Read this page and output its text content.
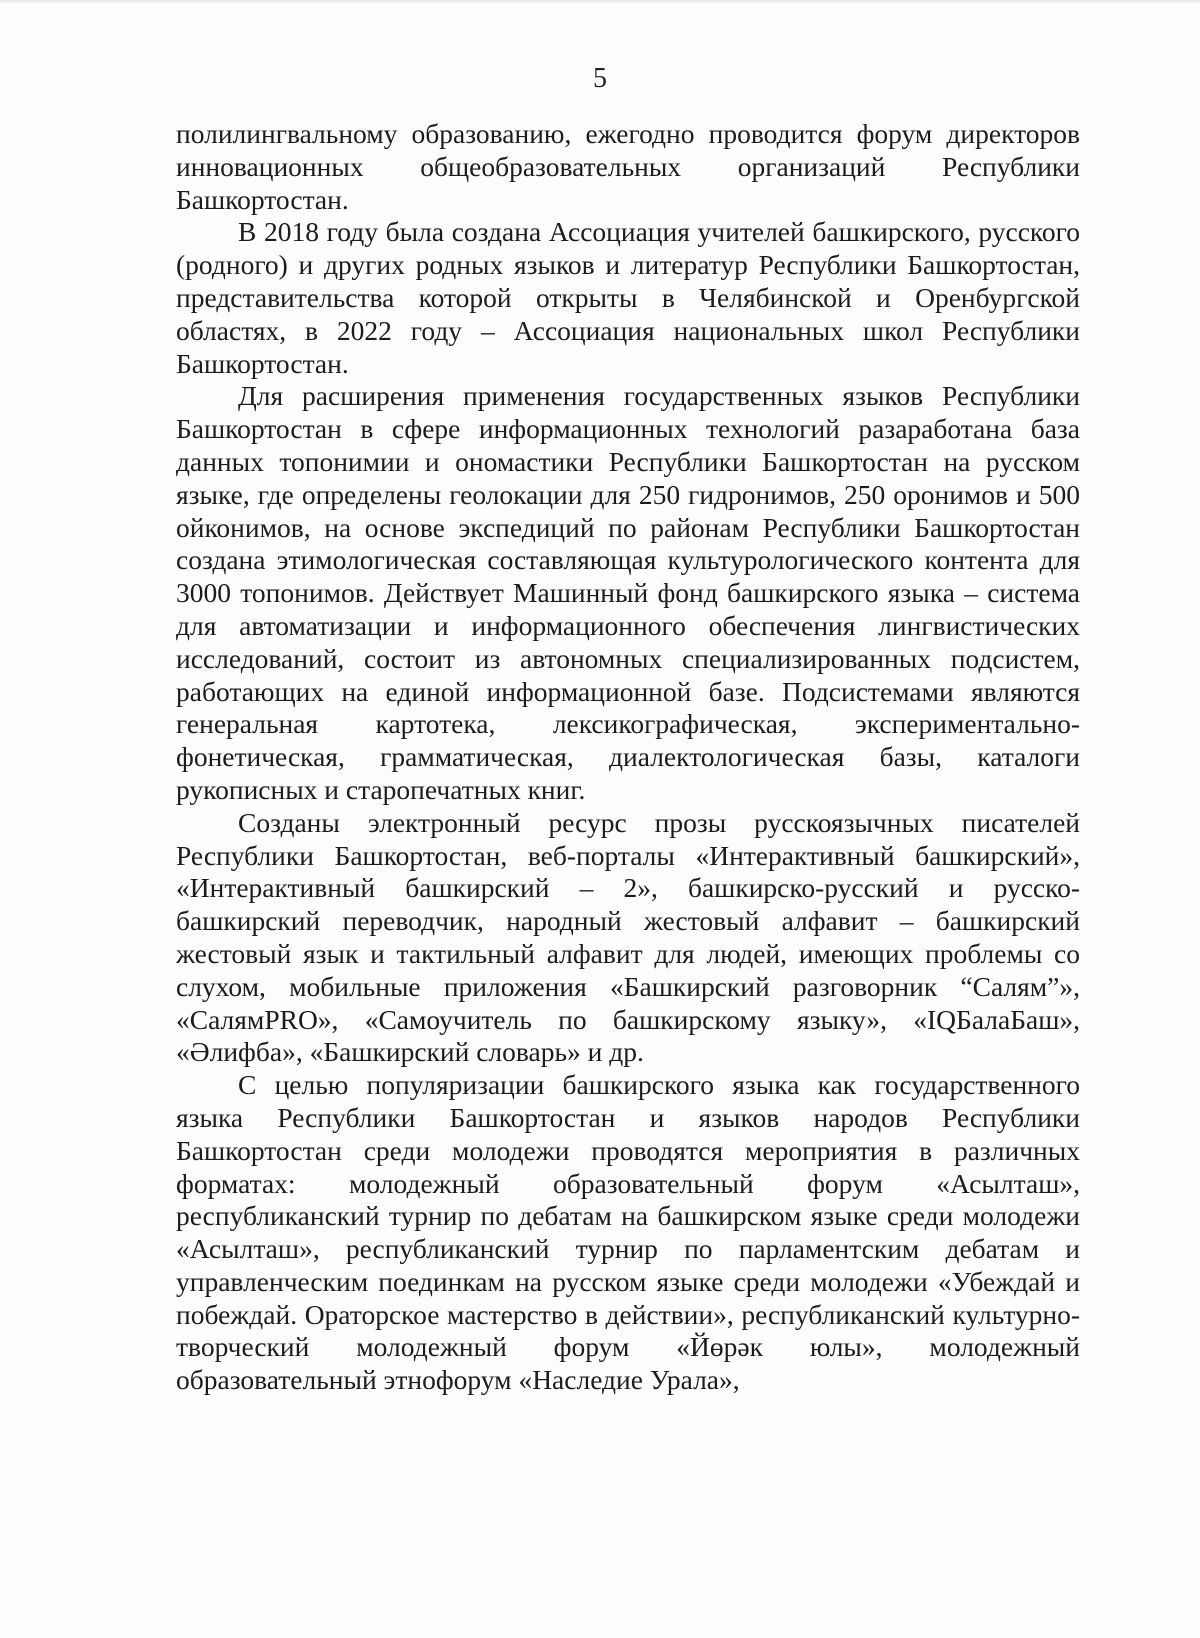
5

полилингвальному образованию, ежегодно проводится форум директоров инновационных общеобразовательных организаций Республики Башкортостан.

В 2018 году была создана Ассоциация учителей башкирского, русского (родного) и других родных языков и литератур Республики Башкортостан, представительства которой открыты в Челябинской и Оренбургской областях, в 2022 году – Ассоциация национальных школ Республики Башкортостан.

Для расширения применения государственных языков Республики Башкортостан в сфере информационных технологий разаработана база данных топонимии и ономастики Республики Башкортостан на русском языке, где определены геолокации для 250 гидронимов, 250 оронимов и 500 ойконимов, на основе экспедиций по районам Республики Башкортостан создана этимологическая составляющая культурологического контента для 3000 топонимов. Действует Машинный фонд башкирского языка – система для автоматизации и информационного обеспечения лингвистических исследований, состоит из автономных специализированных подсистем, работающих на единой информационной базе. Подсистемами являются генеральная картотека, лексикографическая, экспериментально-фонетическая, грамматическая, диалектологическая базы, каталоги рукописных и старопечатных книг.

Созданы электронный ресурс прозы русскоязычных писателей Республики Башкортостан, веб-порталы «Интерактивный башкирский», «Интерактивный башкирский – 2», башкирско-русский и русско-башкирский переводчик, народный жестовый алфавит – башкирский жестовый язык и тактильный алфавит для людей, имеющих проблемы со слухом, мобильные приложения «Башкирский разговорник “Салям”», «СалямPRO», «Самоучитель по башкирскому языку», «IQБалаБаш», «Әлифба», «Башкирский словарь» и др.

С целью популяризации башкирского языка как государственного языка Республики Башкортостан и языков народов Республики Башкортостан среди молодежи проводятся мероприятия в различных форматах: молодежный образовательный форум «Асылташ», республиканский турнир по дебатам на башкирском языке среди молодежи «Асылташ», республиканский турнир по парламентским дебатам и управленческим поединкам на русском языке среди молодежи «Убеждай и побеждай. Ораторское мастерство в действии», республиканский культурно-творческий молодежный форум «Йөрәк юлы», молодежный образовательный этнофорум «Наследие Урала»,
